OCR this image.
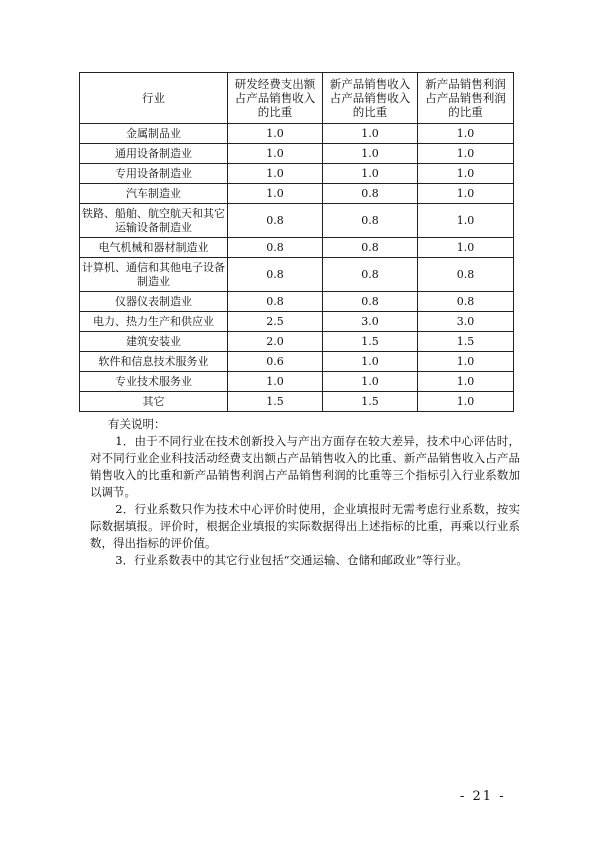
行业	研发经费支出额占产品销售收入的比重	新产品销售收入占产品销售收入的比重	新产品销售利润占产品销售利润的比重
金属制品业	1.0	1.0	1.0
通用设备制造业	1.0	1.0	1.0
专用设备制造业	1.0	1.0	1.0
汽车制造业	1.0	0.8	1.0
铁路、船舶、航空航天和其它运输设备制造业	0.8	0.8	1.0
电气机械和器材制造业	0.8	0.8	1.0
计算机、通信和其他电子设备制造业	0.8	0.8	0.8
仪器仪表制造业	0.8	0.8	0.8
电力、热力生产和供应业	2.5	3.0	3.0
建筑安装业	2.0	1.5	1.5
软件和信息技术服务业	0.6	1.0	1.0
专业技术服务业	1.0	1.0	1.0
其它	1.5	1.5	1.0
有关说明：

1．由于不同行业在技术创新投入与产出方面存在较大差异，技术中心评估时，对不同行业企业科技活动经费支出额占产品销售收入的比重、新产品销售收入占产品销售收入的比重和新产品销售利润占产品销售利润的比重等三个指标引入行业系数加以调节。

2．行业系数只作为技术中心评价时使用，企业填报时无需考虑行业系数，按实际数据填报。评价时，根据企业填报的实际数据得出上述指标的比重，再乘以行业系数，得出指标的评价值。

3．行业系数表中的其它行业包括“交通运输、仓储和邮政业”等行业。

- 21 -
